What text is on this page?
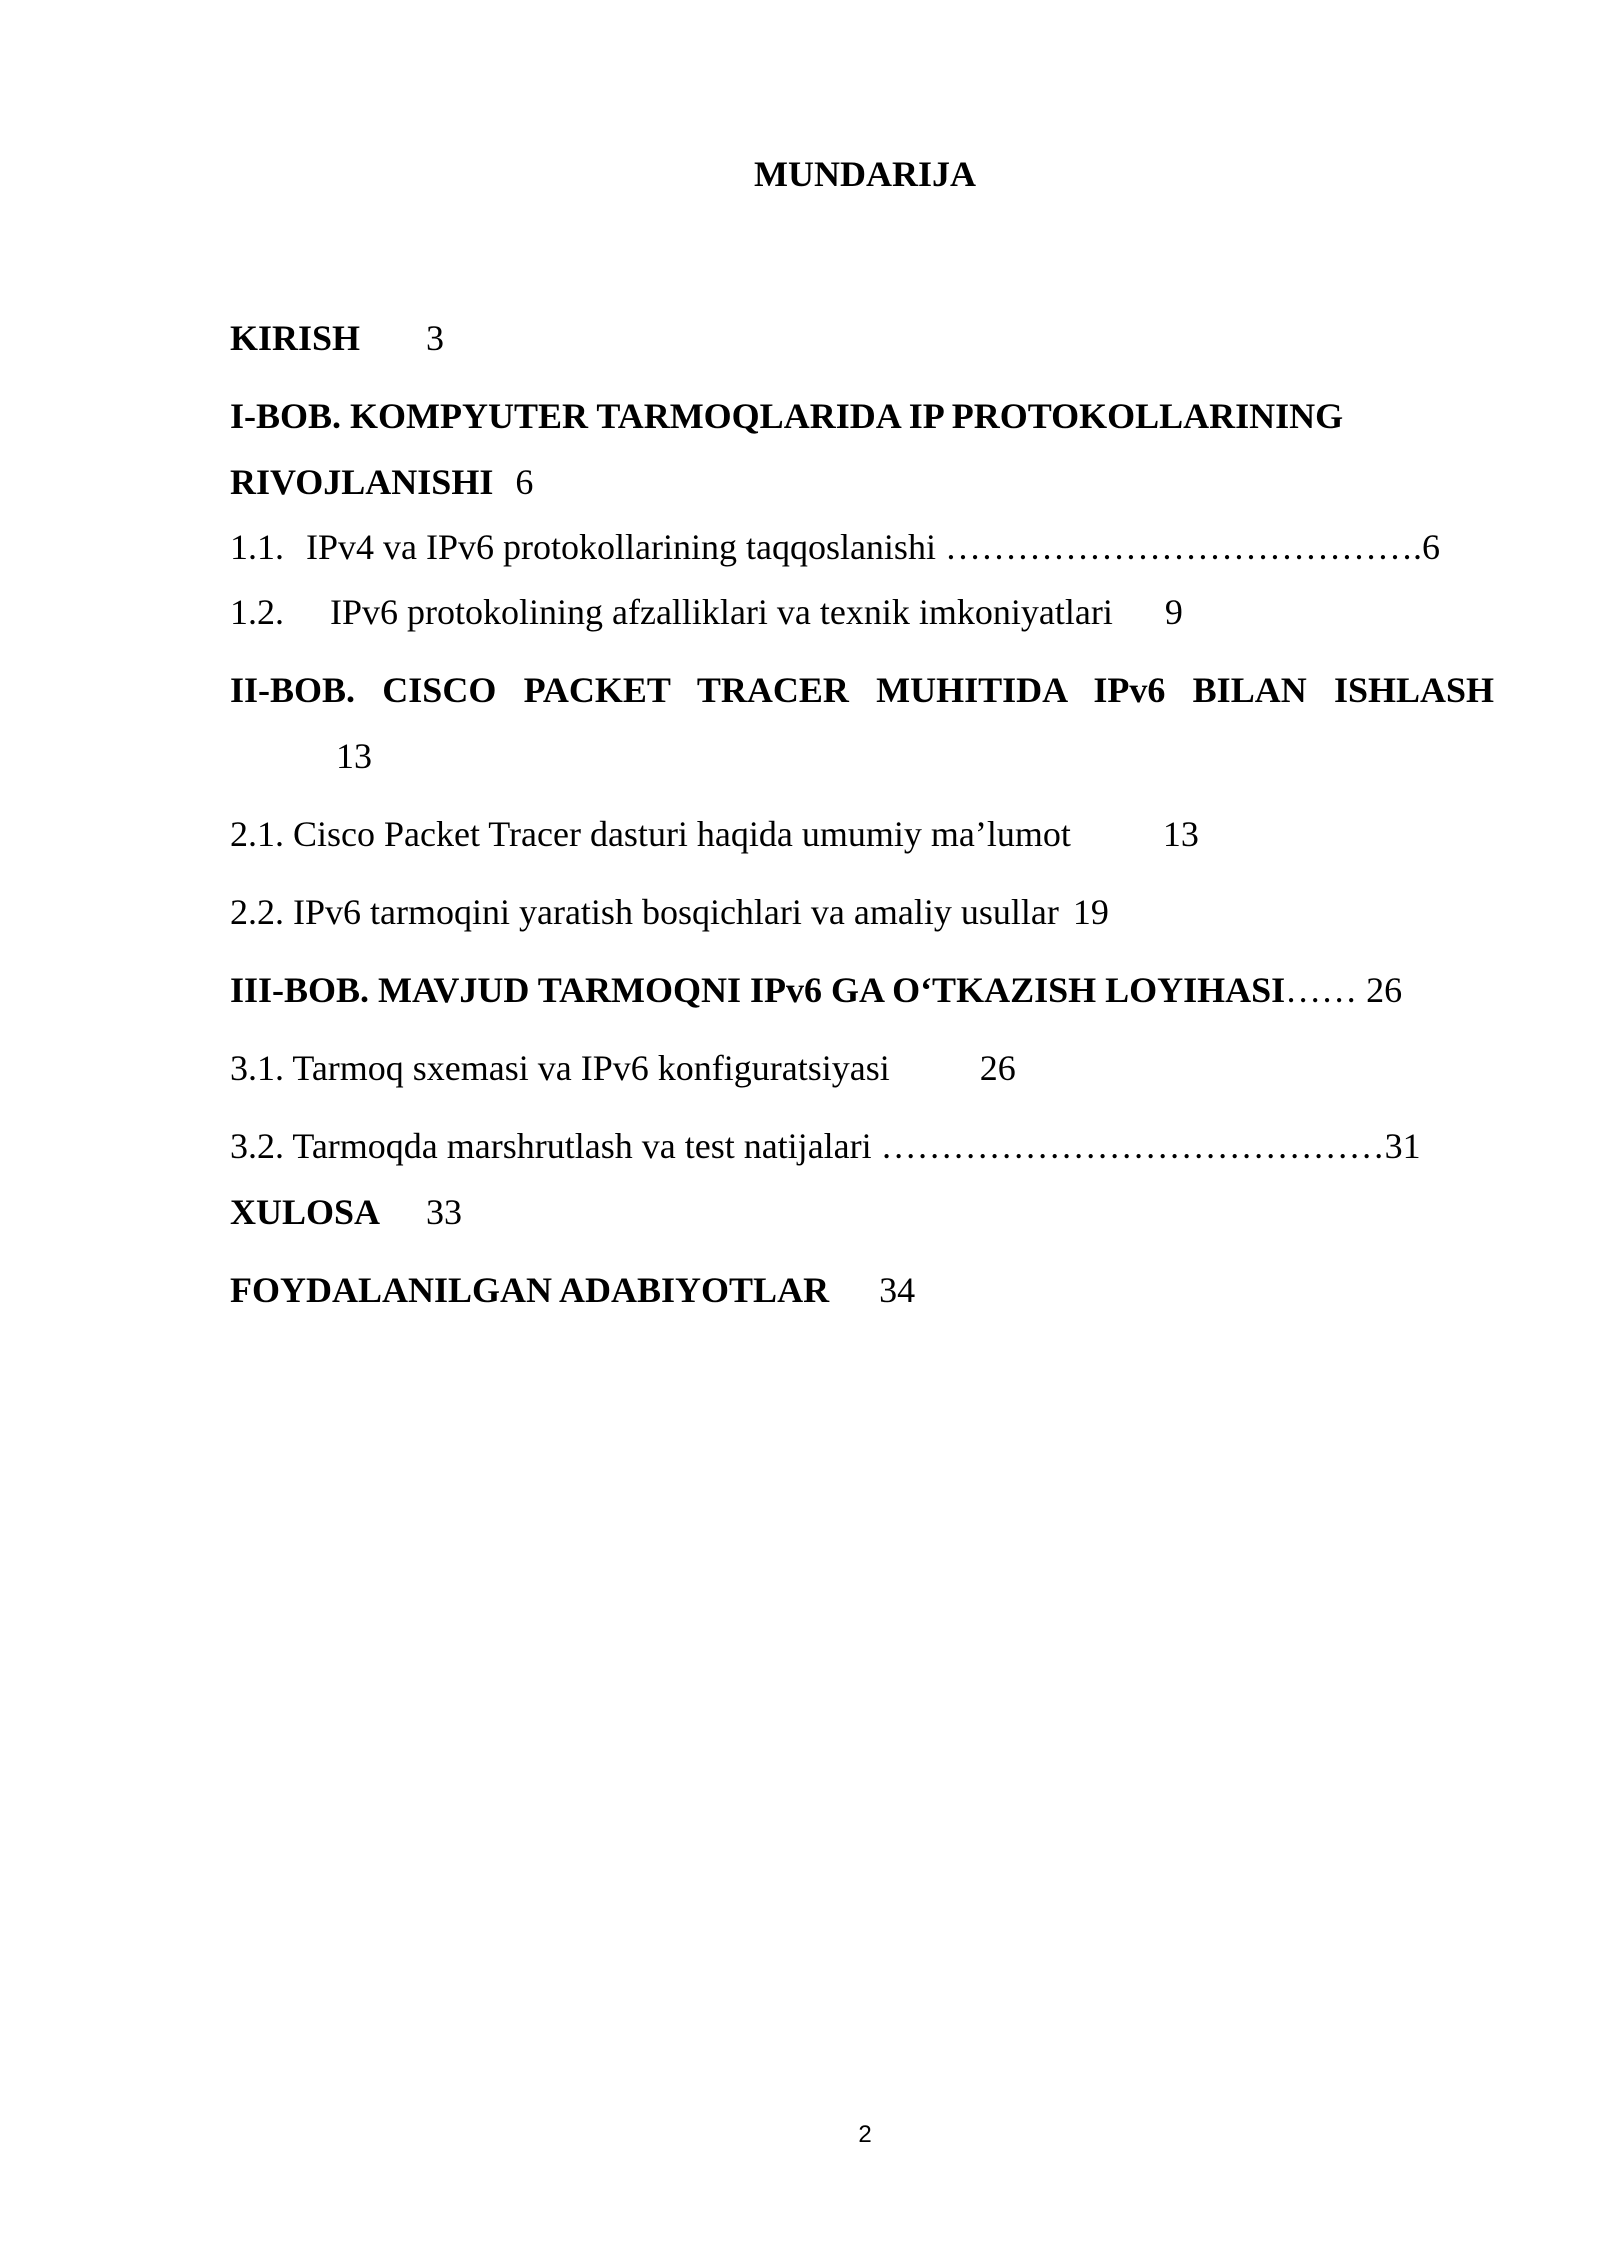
MUNDARIJA
KIRISH 3
I-BOB. KOMPYUTER TARMOQLARIDA IP PROTOKOLLARINING
RIVOJLANISHI 6
1.1. IPv4 va IPv6 protokollarining taqqoslanishi ………………………………….6
1.2. IPv6 protokolining afzalliklari va texnik imkoniyatlari 9
II-BOB. CISCO PACKET TRACER MUHITIDA IPv6 BILAN ISHLASH
13
2.1. Cisco Packet Tracer dasturi haqida umumiy ma’lumot	13
2.2. IPv6 tarmoqini yaratish bosqichlari va amaliy usullar 19
III-BOB. MAVJUD TARMOQNI IPv6 GA O‘TKAZISH LOYIHASI…… 26
3.1. Tarmoq sxemasi va IPv6 konfiguratsiyasi	26
3.2. Tarmoqda marshrutlash va test natijalari ……………………………………31
XULOSA 33
FOYDALANILGAN ADABIYOTLAR 34
2
